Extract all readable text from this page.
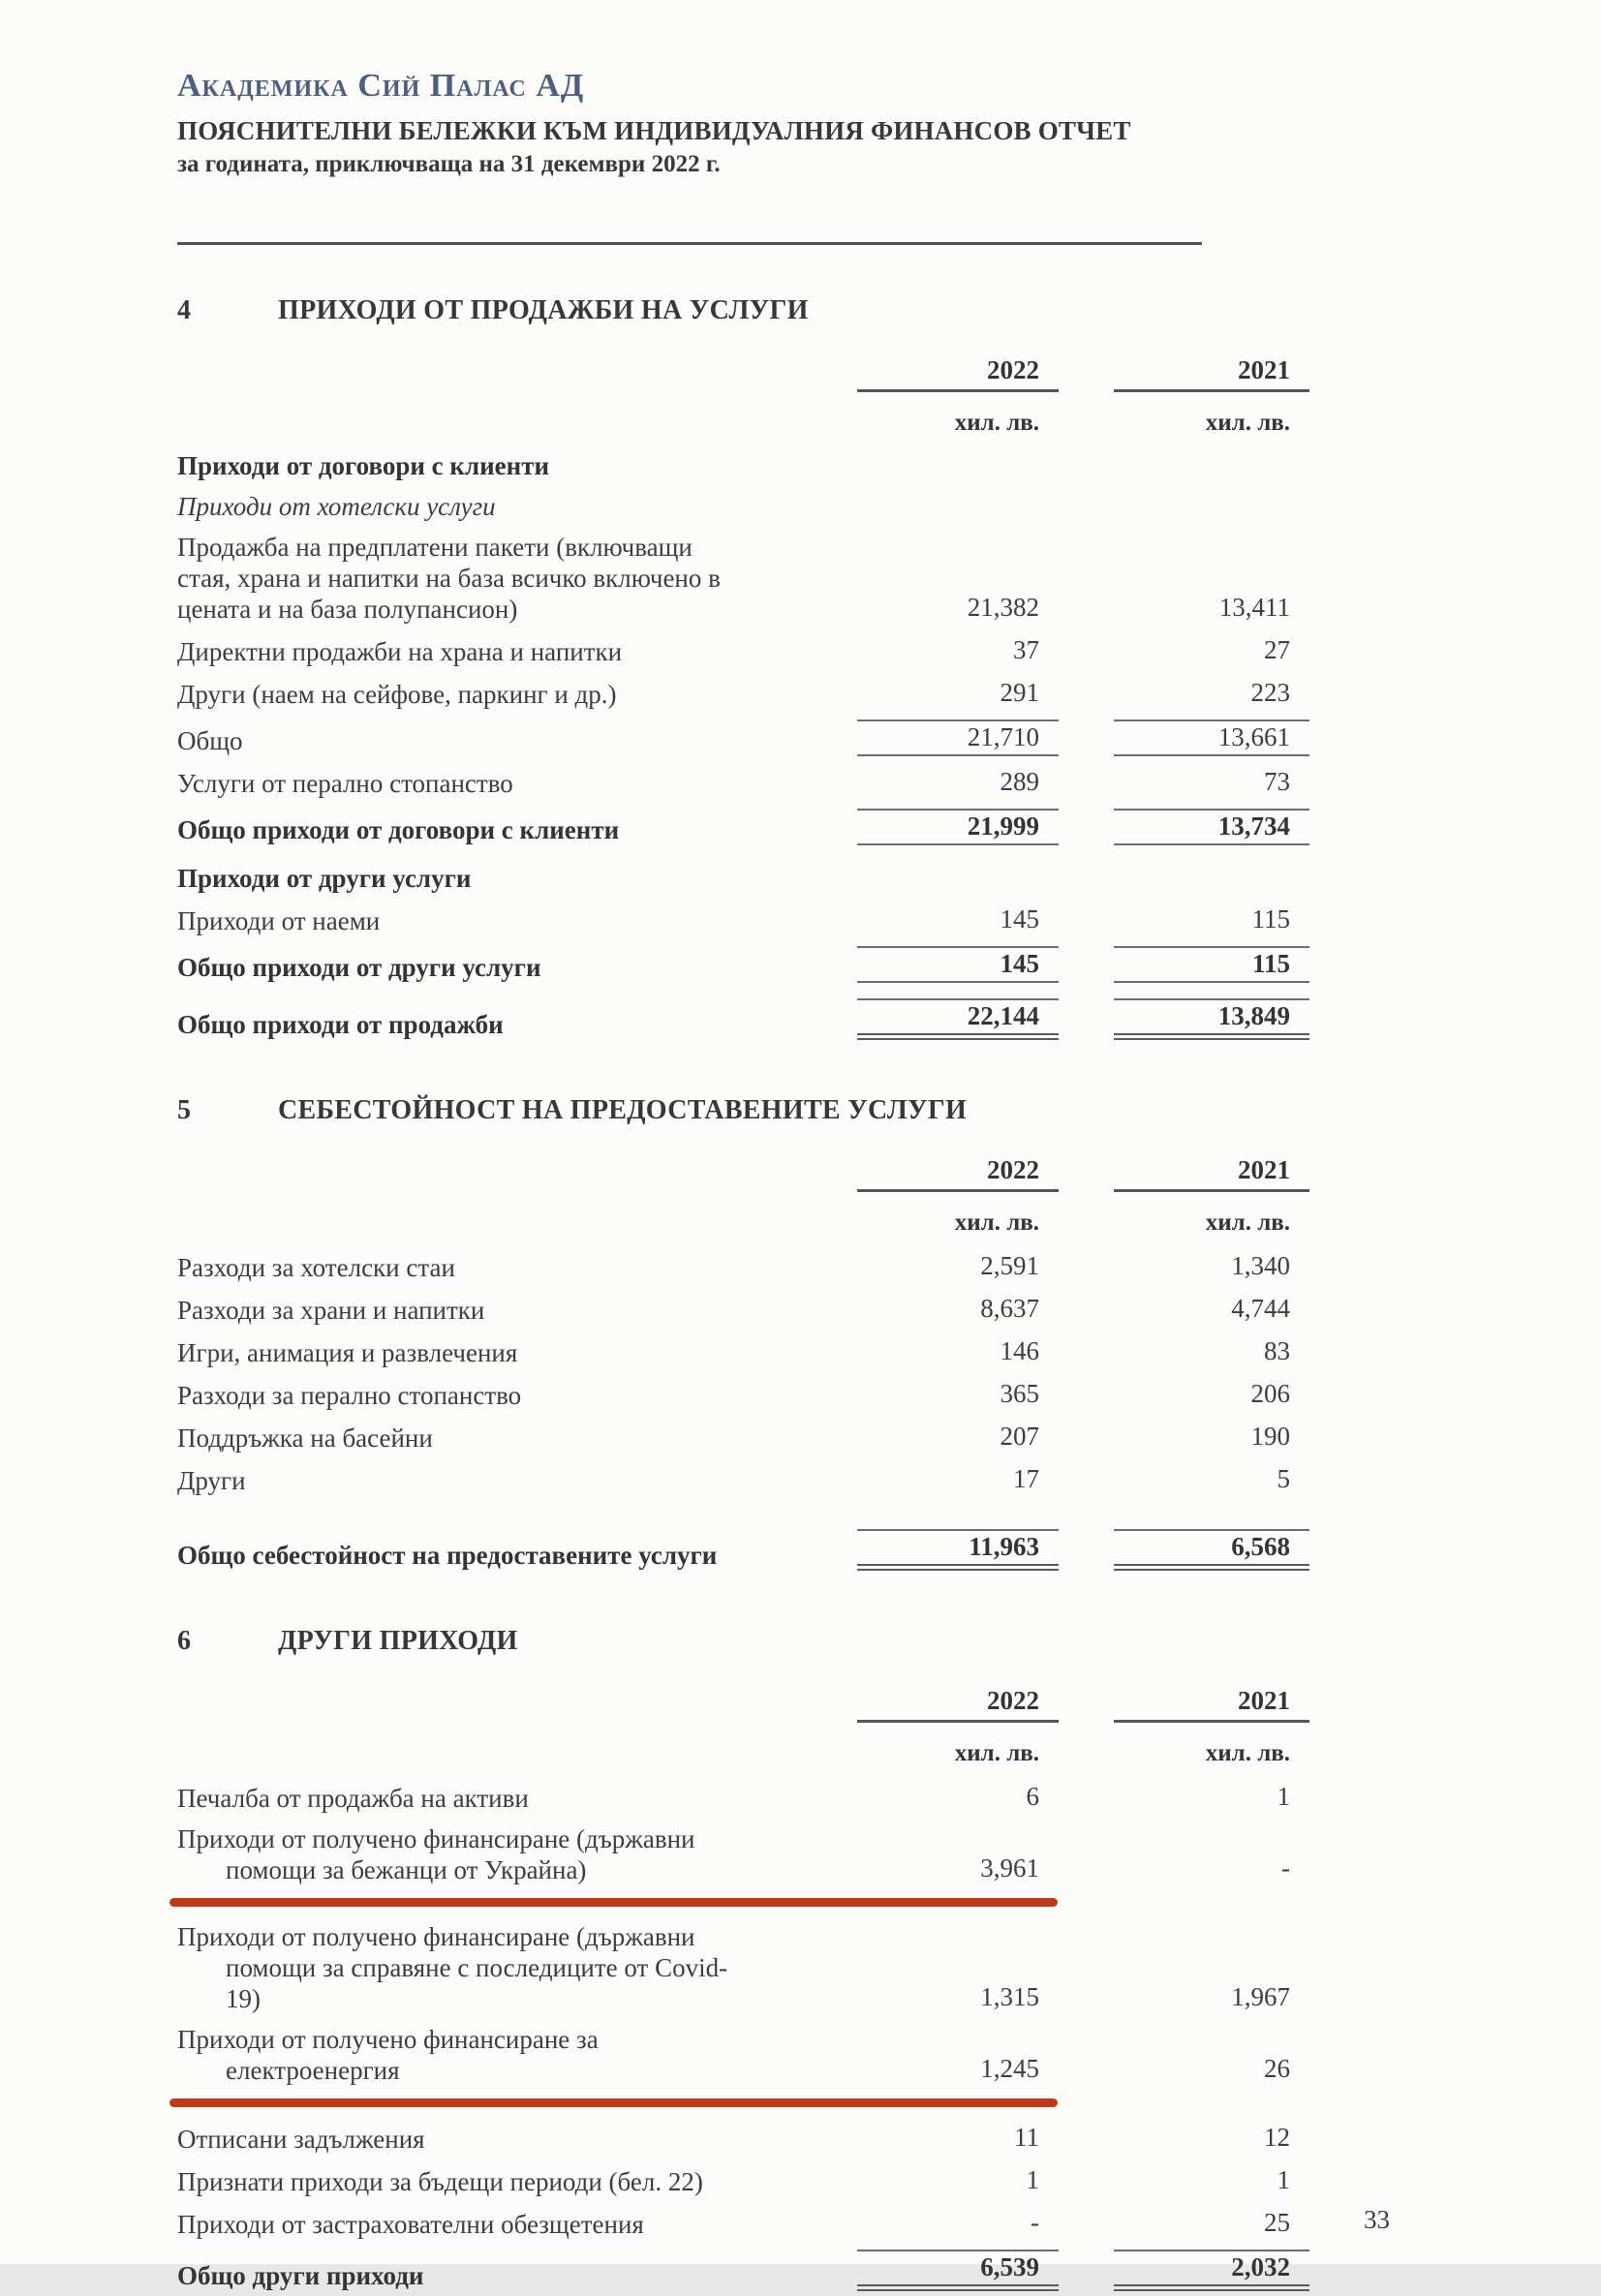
Академика Сий Палас АД
ПОЯСНИТЕЛНИ БЕЛЕЖКИ КЪМ ИНДИВИДУАЛНИЯ ФИНАНСОВ ОТЧЕТ
за годината, приключваща на 31 декември 2022 г.
4	ПРИХОДИ ОТ ПРОДАЖБИ НА УСЛУГИ
2022	2021
хил. лв.	хил. лв.
Приходи от договори с клиенти
Приходи от хотелски услуги
Продажба на предплатени пакети (включващи
стая, храна и напитки на база всичко включено в
цената и на база полупансион)	21,382	13,411
Директни продажби на храна и напитки	37	27
Други (наем на сейфове, паркинг и др.)	291	223
Общо	21,710	13,661
Услуги от перално стопанство	289	73
Общо приходи от договори с клиенти	21,999	13,734
Приходи от други услуги
Приходи от наеми	145	115
Общо приходи от други услуги	145	115
Общо приходи от продажби	22,144	13,849
5	СЕБЕСТОЙНОСТ НА ПРЕДОСТАВЕНИТЕ УСЛУГИ
2022	2021
хил. лв.	хил. лв.
Разходи за хотелски стаи	2,591	1,340
Разходи за храни и напитки	8,637	4,744
Игри, анимация и развлечения	146	83
Разходи за перално стопанство	365	206
Поддръжка на басейни	207	190
Други	17	5
Общо себестойност на предоставените услуги	11,963	6,568
6	ДРУГИ ПРИХОДИ
2022	2021
хил. лв.	хил. лв.
Печалба от продажба на активи	6	1
Приходи от получено финансиране (държавни
помощи за бежанци от Украйна)	3,961	-
Приходи от получено финансиране (държавни
помощи за справяне с последиците от Covid-
19)	1,315	1,967
Приходи от получено финансиране за
електроенергия	1,245	26
Отписани задължения	11	12
Признати приходи за бъдещи периоди (бел. 22)	1	1
Приходи от застрахователни обезщетения	-	25
Общо други приходи	6,539	2,032
33
